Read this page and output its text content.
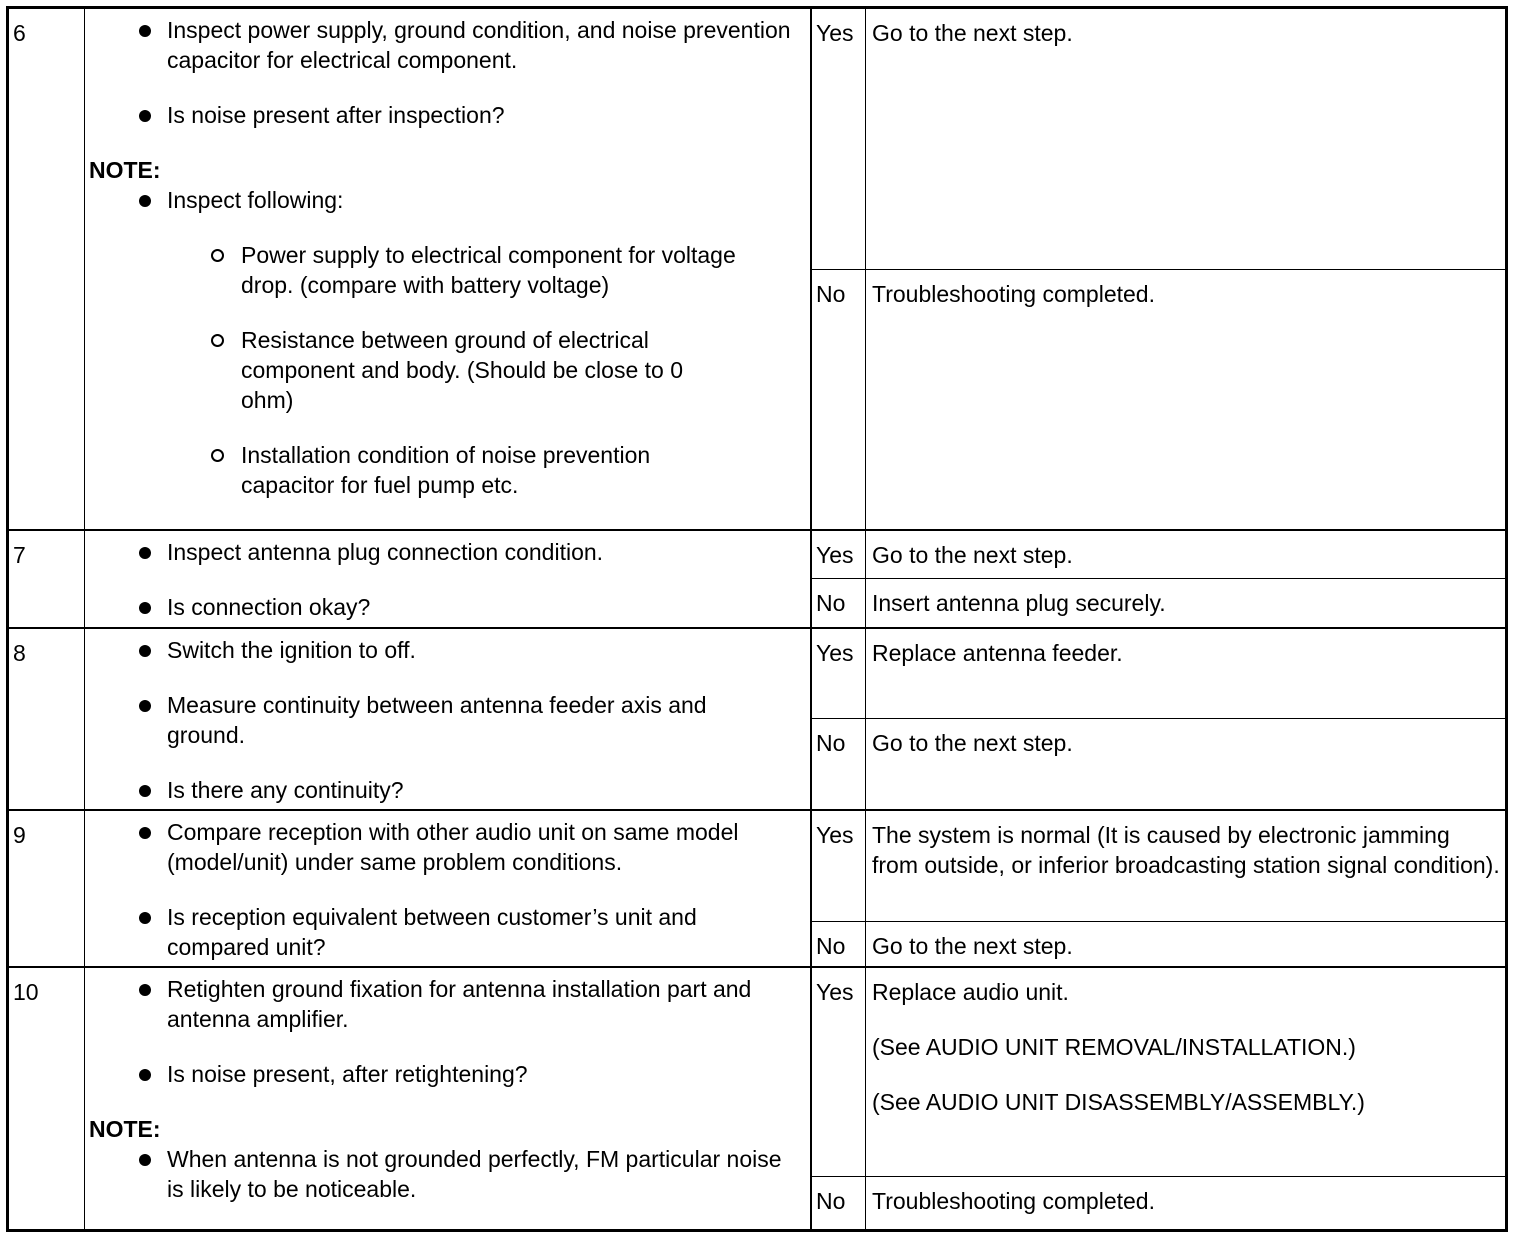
6	Inspect power supply, ground condition, and noise prevention capacitor for electrical component.

Is noise present after inspection?

NOTE:

Inspect following:

Power supply to electrical component for voltage drop. (compare with battery voltage)

Resistance between ground of electrical component and body. (Should be close to 0 ohm)

Installation condition of noise prevention capacitor for fuel pump etc.

Yes Go to the next step.
No	Troubleshooting completed.
7	Inspect antenna plug connection condition.

Is connection okay?

Yes Go to the next step.
No	Insert antenna plug securely.
8	Switch the ignition to off.

Measure continuity between antenna feeder axis and ground.

Is there any continuity?

Yes Replace antenna feeder.
No	Go to the next step.
9	Compare reception with other audio unit on same model (model/unit) under same problem conditions.

Is reception equivalent between customer’s unit and compared unit?

Yes The system is normal (It is caused by electronic jamming from outside, or inferior broadcasting station signal condition).
No	Go to the next step.
10	Retighten ground fixation for antenna installation part and antenna amplifier.

Is noise present, after retightening?

NOTE:

When antenna is not grounded perfectly, FM particular noise is likely to be noticeable.

Yes Replace audio unit.

(See AUDIO UNIT REMOVAL/INSTALLATION.)

(See AUDIO UNIT DISASSEMBLY/ASSEMBLY.)

No	Troubleshooting completed.
